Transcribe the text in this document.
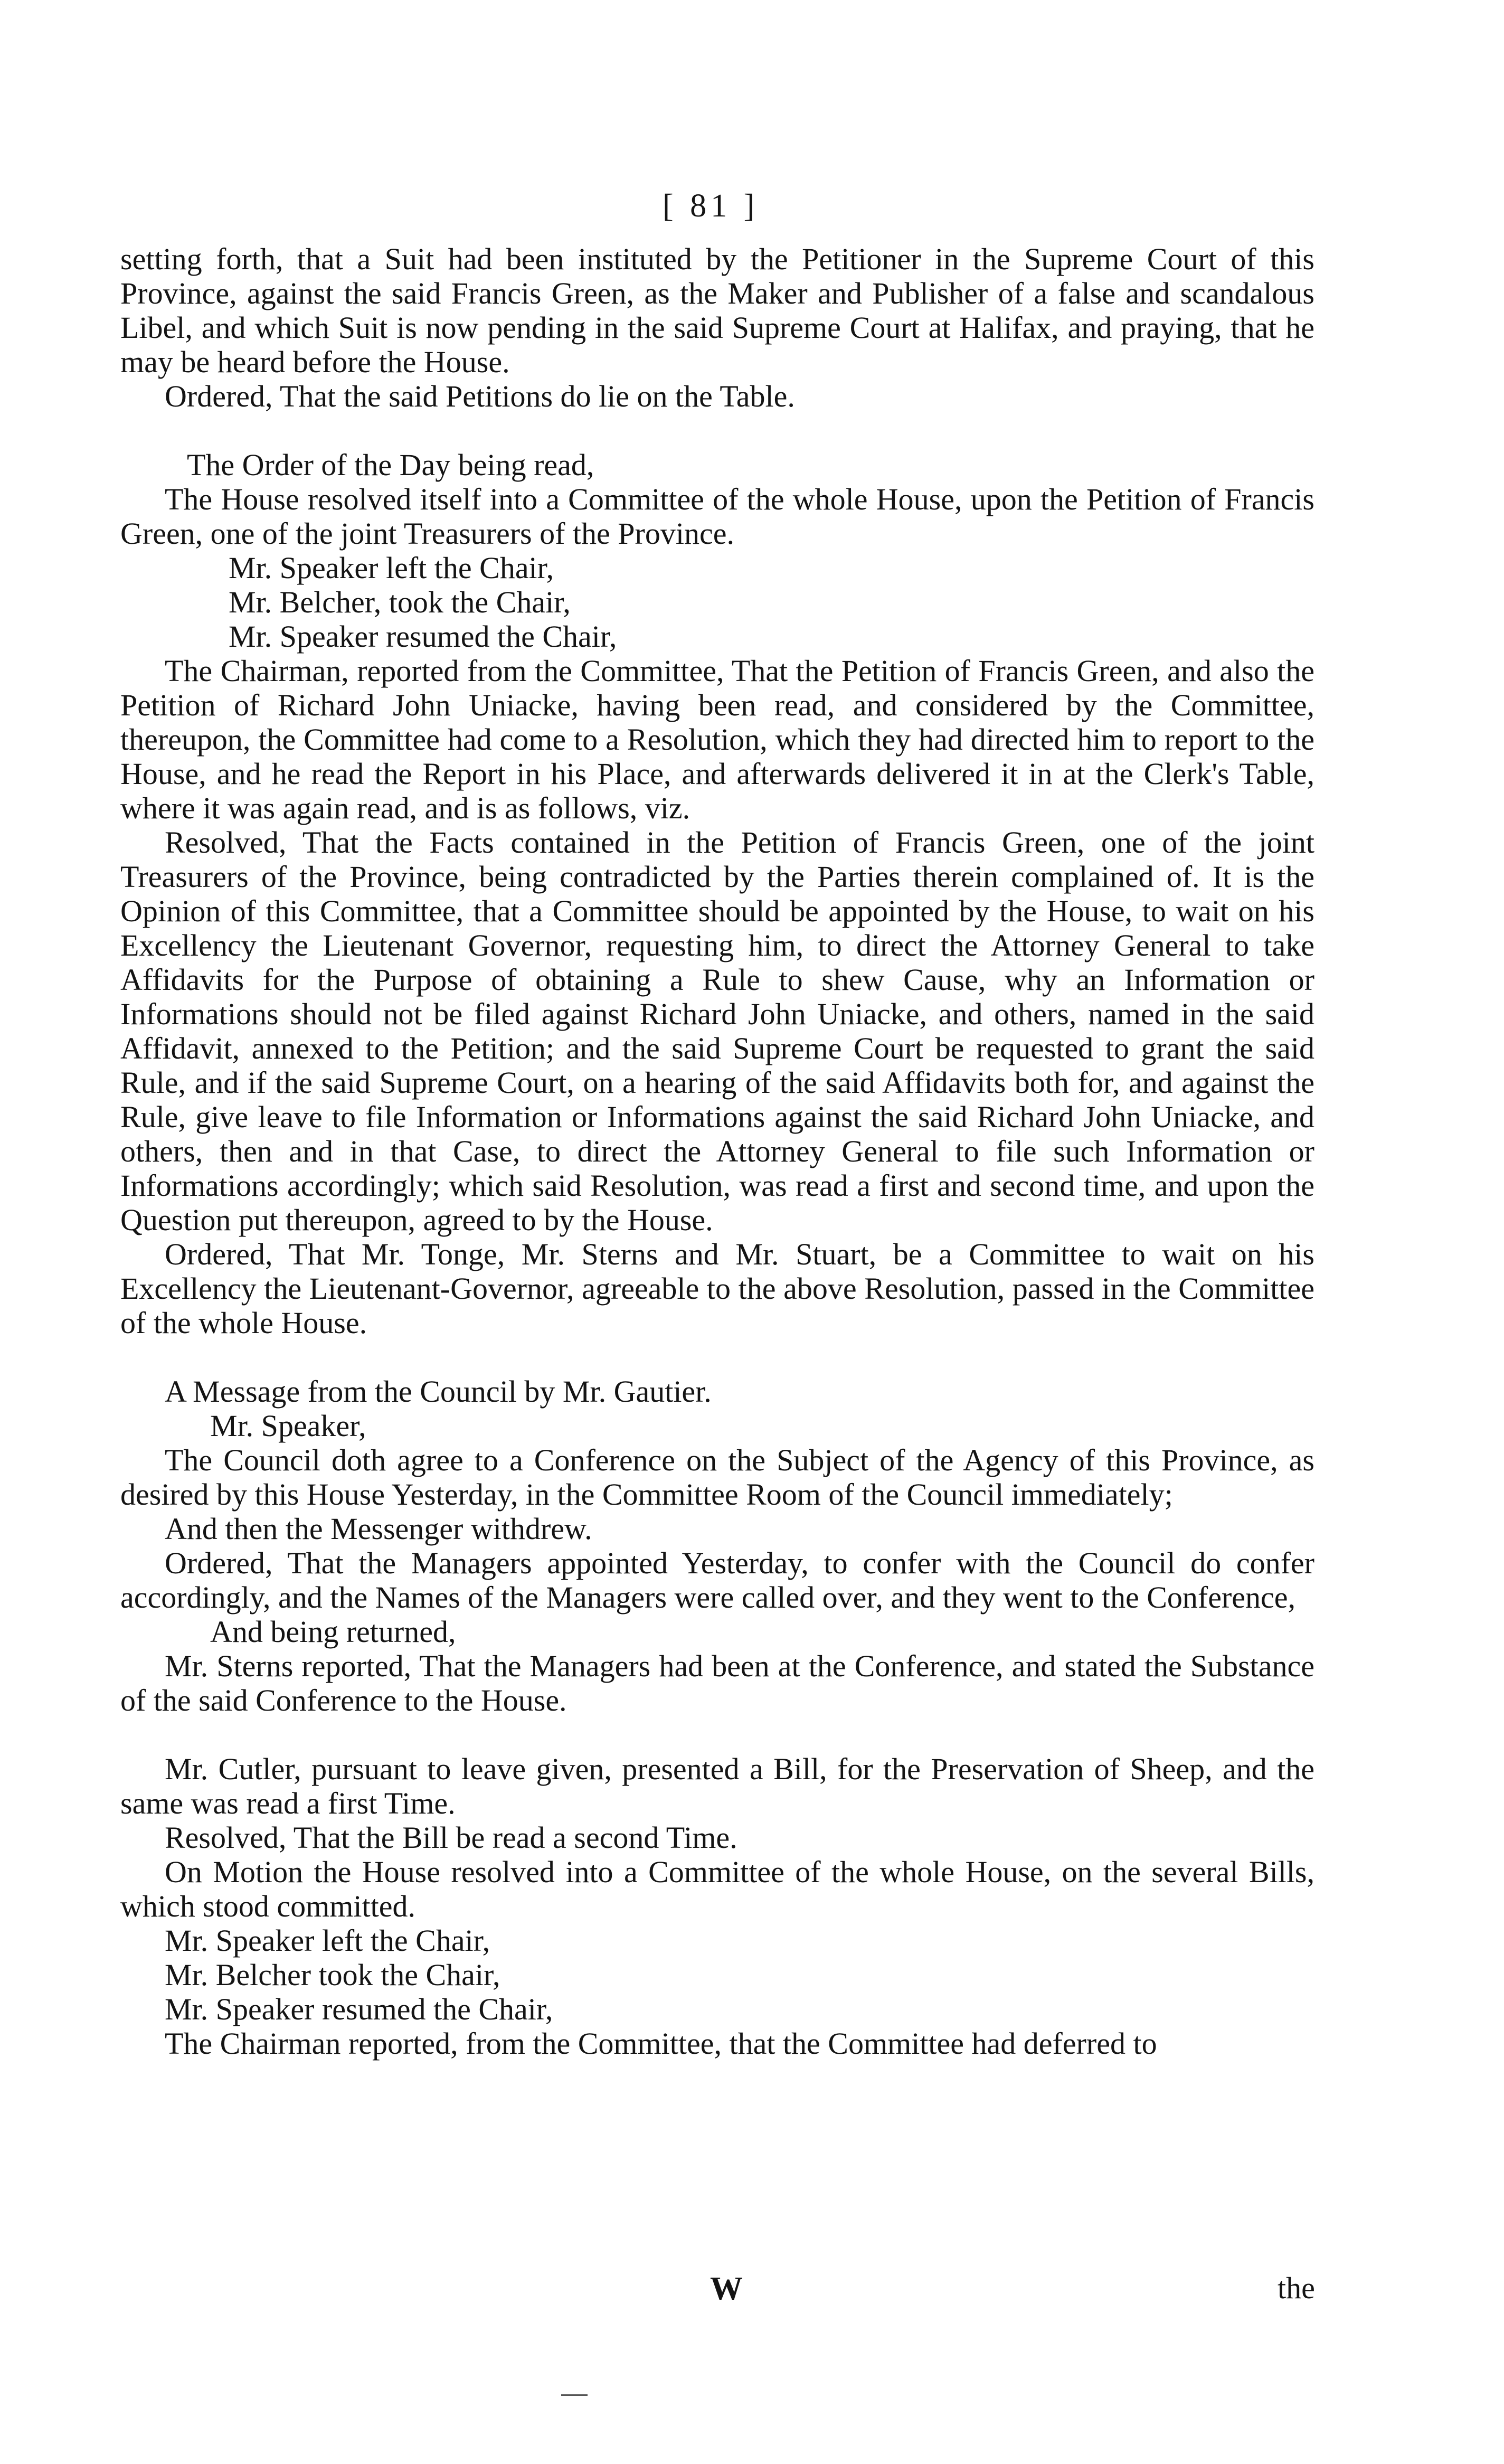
[ 81 ]

setting forth, that a Suit had been instituted by the Petitioner in the Supreme Court of this Province, against the said Francis Green, as the Maker and Publisher of a false and scandalous Libel, and which Suit is now pending in the said Supreme Court at Halifax, and praying, that he may be heard before the House.

Ordered, That the said Petitions do lie on the Table.

The Order of the Day being read,

The House resolved itself into a Committee of the whole House, upon the Petition of Francis Green, one of the joint Treasurers of the Province.

Mr. Speaker left the Chair,

Mr. Belcher, took the Chair,

Mr. Speaker resumed the Chair,

The Chairman, reported from the Committee, That the Petition of Francis Green, and also the Petition of Richard John Uniacke, having been read, and considered by the Committee, thereupon, the Committee had come to a Resolution, which they had directed him to report to the House, and he read the Report in his Place, and afterwards delivered it in at the Clerk's Table, where it was again read, and is as follows, viz.

Resolved, That the Facts contained in the Petition of Francis Green, one of the joint Treasurers of the Province, being contradicted by the Parties therein complained of. It is the Opinion of this Committee, that a Committee should be appointed by the House, to wait on his Excellency the Lieutenant Governor, requesting him, to direct the Attorney General to take Affidavits for the Purpose of obtaining a Rule to shew Cause, why an Information or Informations should not be filed against Richard John Uniacke, and others, named in the said Affidavit, annexed to the Petition; and the said Supreme Court be requested to grant the said Rule, and if the said Supreme Court, on a hearing of the said Affidavits both for, and against the Rule, give leave to file Information or Informations against the said Richard John Uniacke, and others, then and in that Case, to direct the Attorney General to file such Information or Informations accordingly; which said Resolution, was read a first and second time, and upon the Question put thereupon, agreed to by the House.

Ordered, That Mr. Tonge, Mr. Sterns and Mr. Stuart, be a Committee to wait on his Excellency the Lieutenant-Governor, agreeable to the above Resolution, passed in the Committee of the whole House.

A Message from the Council by Mr. Gautier.

Mr. Speaker,

The Council doth agree to a Conference on the Subject of the Agency of this Province, as desired by this House Yesterday, in the Committee Room of the Council immediately;

And then the Messenger withdrew.

Ordered, That the Managers appointed Yesterday, to confer with the Council do confer accordingly, and the Names of the Managers were called over, and they went to the Conference,

And being returned,

Mr. Sterns reported, That the Managers had been at the Conference, and stated the Substance of the said Conference to the House.

Mr. Cutler, pursuant to leave given, presented a Bill, for the Preservation of Sheep, and the same was read a first Time.

Resolved, That the Bill be read a second Time.

On Motion the House resolved into a Committee of the whole House, on the several Bills, which stood committed.

Mr. Speaker left the Chair,

Mr. Belcher took the Chair,

Mr. Speaker resumed the Chair,

The Chairman reported, from the Committee, that the Committee had deferred to

W	the
